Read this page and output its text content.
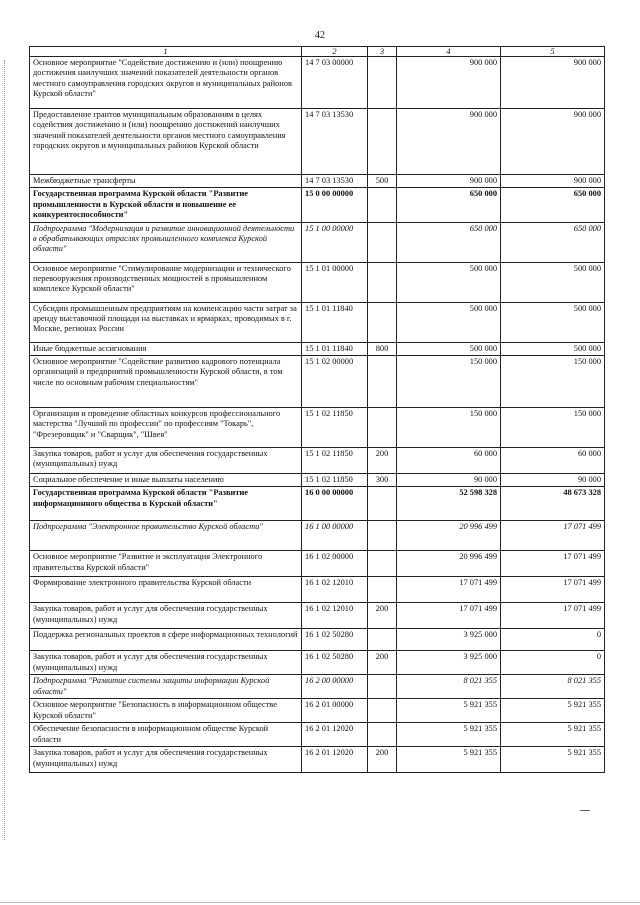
42
1	2	3	4	5
Основное мероприятие "Содействие достижению и (или) поощрению достижения наилучших значений показателей деятельности органов местного самоуправления городских округов и муниципальных районов Курской области"	14 7 03 00000		900 000	900 000
Предоставление грантов муниципальным образованиям в целях содействия достижению и (или) поощрению достижений наилучших значений показателей деятельности органов местного самоуправления городских округов и муниципальных районов Курской области	14 7 03 13530		900 000	900 000
Межбюджетные трансферты	14 7 03 13530	500	900 000	900 000
Государственная программа Курской области "Развитие промышленности в Курской области и повышение ее конкурентоспособности"	15 0 00 00000		650 000	650 000
Подпрограмма "Модернизация и развитие инновационной деятельности в обрабатывающих отраслях промышленного комплекса Курской области"	15 1 00 00000		650 000	650 000
Основное мероприятие "Стимулирование модернизации и технического перевооружения производственных мощностей в промышленном комплексе Курской области"	15 1 01 00000		500 000	500 000
Субсидии промышленным предприятиям на компенсацию части затрат за аренду выставочной площади на выставках и ярмарках, проводимых в г. Москве, регионах России	15 1 01 11840		500 000	500 000
Иные бюджетные ассигнования	15 1 01 11840	800	500 000	500 000
Основное мероприятие "Содействие развитию кадрового потенциала организаций и предприятий промышленности Курской области, в том числе по основным рабочим специальностям"	15 1 02 00000		150 000	150 000
Организация и проведение областных конкурсов профессионального мастерства "Лучший по профессии" по профессиям "Токарь", "Фрезеровщик" и "Сварщик", "Швея"	15 1 02 11850		150 000	150 000
Закупка товаров, работ и услуг для обеспечения государственных (муниципальных) нужд	15 1 02 11850	200	60 000	60 000
Социальное обеспечение и иные выплаты населению	15 1 02 11850	300	90 000	90 000
Государственная программа Курской области "Развитие информационного общества в Курской области"	16 0 00 00000		52 598 328	48 673 328
Подпрограмма "Электронное правительство Курской области"	16 1 00 00000		20 996 499	17 071 499
Основное мероприятие "Развитие и эксплуатация Электронного правительства Курской области"	16 1 02 00000		20 996 499	17 071 499
Формирование электронного правительства Курской области	16 1 02 12010		17 071 499	17 071 499
Закупка товаров, работ и услуг для обеспечения государственных (муниципальных) нужд	16 1 02 12010	200	17 071 499	17 071 499
Поддержка региональных проектов в сфере информационных технологий	16 1 02 50280		3 925 000	0
Закупка товаров, работ и услуг для обеспечения государственных (муниципальных) нужд	16 1 02 50280	200	3 925 000	0
Подпрограмма "Развитие системы защиты информации Курской области"	16 2 00 00000		8 021 355	8 021 355
Основное мероприятие "Безопасность в информационном обществе Курской области"	16 2 01 00000		5 921 355	5 921 355
Обеспечение безопасности в информационном обществе Курской области	16 2 01 12020		5 921 355	5 921 355
Закупка товаров, работ и услуг для обеспечения государственных (муниципальных) нужд	16 2 01 12020	200	5 921 355	5 921 355
